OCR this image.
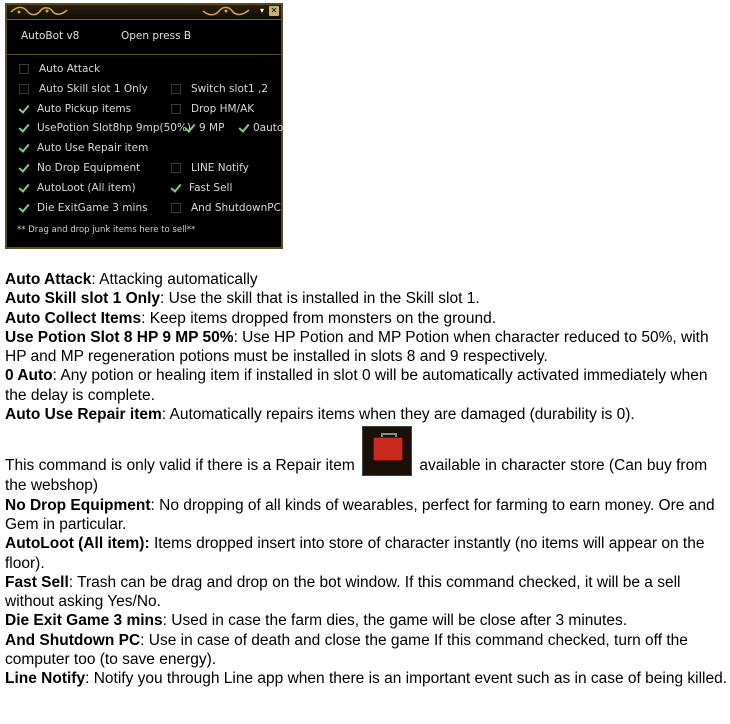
▾ ✕
AutoBot v8	Open press B
Auto Attack
Auto Skill slot 1 Only	Switch slot1 ,2
Auto Pickup items	Drop HM/AK
UsePotion Slot8hp 9mp(50%) 9 MP	0auto
Auto Use Repair item
No Drop Equipment	LINE Notify
AutoLoot (All item)	Fast Sell
Die ExitGame 3 mins	And ShutdownPC
** Drag and drop junk items here to sell**

Auto Attack: Attacking automatically

Auto Skill slot 1 Only: Use the skill that is installed in the Skill slot 1.

Auto Collect Items: Keep items dropped from monsters on the ground.

Use Potion Slot 8 HP 9 MP 50%: Use HP Potion and MP Potion when character reduced to 50%, with HP and MP regeneration potions must be installed in slots 8 and 9 respectively.

0 Auto: Any potion or healing item if installed in slot 0 will be automatically activated immediately when the delay is complete.

Auto Use Repair item: Automatically repairs items when they are damaged (durability is 0).

This command is only valid if there is a Repair item	available in character store (Can buy from the webshop)

No Drop Equipment: No dropping of all kinds of wearables, perfect for farming to earn money. Ore and Gem in particular.

AutoLoot (All item): Items dropped insert into store of character instantly (no items will appear on the floor).

Fast Sell: Trash can be drag and drop on the bot window. If this command checked, it will be a sell without asking Yes/No.

Die Exit Game 3 mins: Used in case the farm dies, the game will be close after 3 minutes.

And Shutdown PC: Use in case of death and close the game If this command checked, turn off the computer too (to save energy).

Line Notify: Notify you through Line app when there is an important event such as in case of being killed.
